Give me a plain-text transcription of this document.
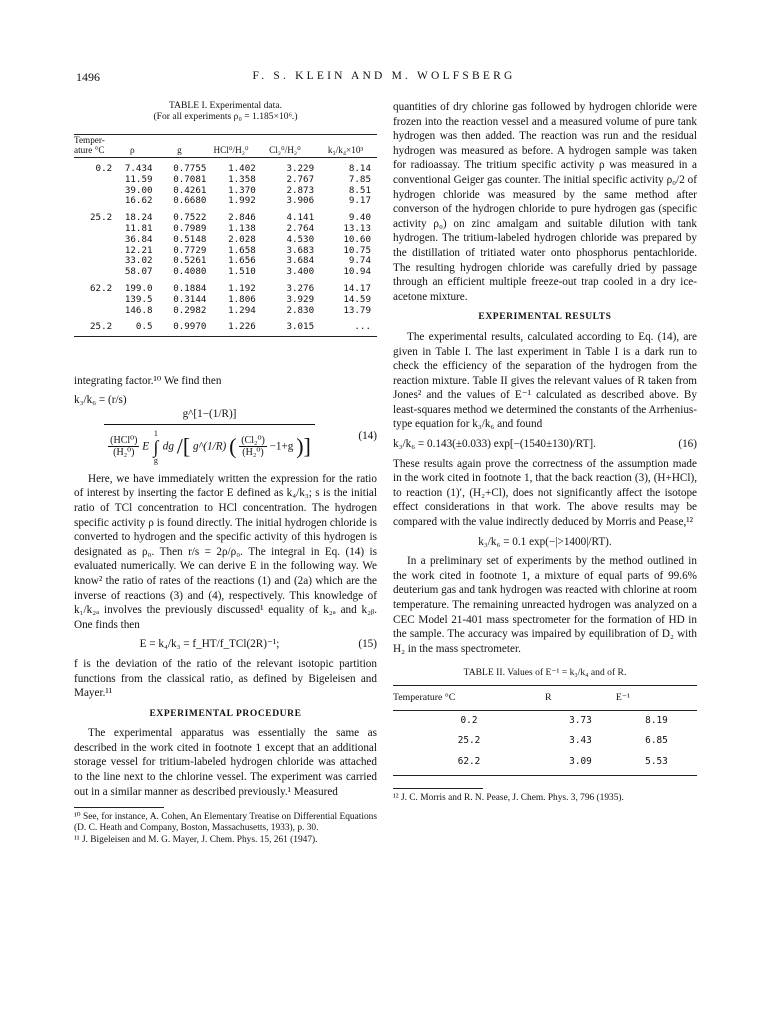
1496	F. S. KLEIN AND M. WOLFSBERG
TABLE I. Experimental data.
(For all experiments ρ₀ = 1.185×10⁶.)
Temper-ature °C	ρ	g	HCl⁰/H₂⁰	Cl₂⁰/H₂⁰	k₃/k₄×10³
0.2	7.434	0.7755	1.402	3.229	8.14
	11.59	0.7081	1.358	2.767	7.85
	39.00	0.4261	1.370	2.873	8.51
	16.62	0.6680	1.992	3.906	9.17
25.2	18.24	0.7522	2.846	4.141	9.40
	11.81	0.7989	1.138	2.764	13.13
	36.84	0.5148	2.028	4.530	10.60
	12.21	0.7729	1.658	3.683	10.75
	33.02	0.5261	1.656	3.684	9.74
	58.07	0.4080	1.510	3.400	10.94
62.2	199.0	0.1884	1.192	3.276	14.17
	139.5	0.3144	1.806	3.929	14.59
	146.8	0.2982	1.294	2.830	13.79
25.2	0.5	0.9970	1.226	3.015	...

integrating factor.¹⁰ We find then

k₃/k₆ = (r/s)

g^[1−(1/R)]
(HCl⁰)
(H₂⁰)
E
1
∫
g
dg /[ g^(1/R) ( $\frac{\text{(Cl₂⁰)}}{\text{(H₂⁰)}} -1+g$ )]	(14)

Here, we have immediately written the expression for the ratio of interest by inserting the factor E defined as k₄/k₃; s is the initial ratio of TCl concentration to HCl concentration. The hydrogen specific activity ρ is found directly. The initial hydrogen chloride is converted to hydrogen and the specific activity of this hydrogen is designated as ρ₀. Then r/s = 2ρ/ρ₀. The integral in Eq. (14) is evaluated numerically. We can derive E in the following way. We know² the ratio of rates of the reactions (1) and (2a) which are the inverse of reactions (3) and (4), respectively. This knowledge of k₁/k₂ₐ involves the previously discussed¹ equality of k₂ₐ and k₂ᵦ. One finds then

E = k₄/k₃ = f_HT/f_TCl(2R)⁻¹;	(15)

f is the deviation of the ratio of the relevant isotopic partition functions from the classical ratio, as defined by Bigeleisen and Mayer.¹¹

EXPERIMENTAL PROCEDURE

The experimental apparatus was essentially the same as described in the work cited in footnote 1 except that an additional storage vessel for tritium-labeled hydrogen chloride was attached to the line next to the chlorine vessel. The experiment was carried out in a similar manner as described previously.¹ Measured

¹⁰ See, for instance, A. Cohen, An Elementary Treatise on Differential Equations (D. C. Heath and Company, Boston, Massachusetts, 1933), p. 30.

¹¹ J. Bigeleisen and M. G. Mayer, J. Chem. Phys. 15, 261 (1947).

quantities of dry chlorine gas followed by hydrogen chloride were frozen into the reaction vessel and a measured volume of pure tank hydrogen was then added. The reaction was run and the residual hydrogen was measured as before. A hydrogen sample was taken for radioassay. The tritium specific activity ρ was measured in a conventional Geiger gas counter. The initial specific activity ρ₀/2 of hydrogen chloride was measured by the same method after converson of the hydrogen chloride to pure hydrogen gas (specific activity ρ₀) on zinc amalgam and suitable dilution with tank hydrogen. The tritium-labeled hydrogen chloride was prepared by the distillation of tritiated water onto phosphorus pentachloride. The resulting hydrogen chloride was carefully dried by passage through an efficient multiple freeze-out trap cooled in a dry ice-acetone mixture.

EXPERIMENTAL RESULTS

The experimental results, calculated according to Eq. (14), are given in Table I. The last experiment in Table I is a dark run to check the efficiency of the separation of the hydrogen from the reaction mixture. Table II gives the relevant values of R taken from Jones² and the values of E⁻¹ calculated as described above. By least-squares method we determined the constants of the Arrhenius-type equation for k₃/k₆ and found

k₃/k₆ = 0.143(±0.033) exp[−(1540±130)/RT].	(16)

These results again prove the correctness of the assumption made in the work cited in footnote 1, that the back reaction (3), (H+HCl), to reaction (1)′, (H₂+Cl), does not significantly affect the isotope effect considerations in that work. The above results may be compared with the value indirectly deduced by Morris and Pease,¹²

k₃/k₆ = 0.1 exp(−|>1400|/RT).

In a preliminary set of experiments by the method outlined in the work cited in footnote 1, a mixture of equal parts of 99.6% deuterium gas and tank hydrogen was reacted with chlorine at room temperature. The remaining unreacted hydrogen was analyzed on a CEC Model 21-401 mass spectrometer for the formation of HD in the sample. The accuracy was impaired by equilibration of D₂ with H₂ in the mass spectrometer.

TABLE II. Values of E⁻¹ = k₃/k₄ and of R.
Temperature °C	R	E⁻¹
0.2	3.73	8.19
25.2	3.43	6.85
62.2	3.09	5.53

¹² J. C. Morris and R. N. Pease, J. Chem. Phys. 3, 796 (1935).
